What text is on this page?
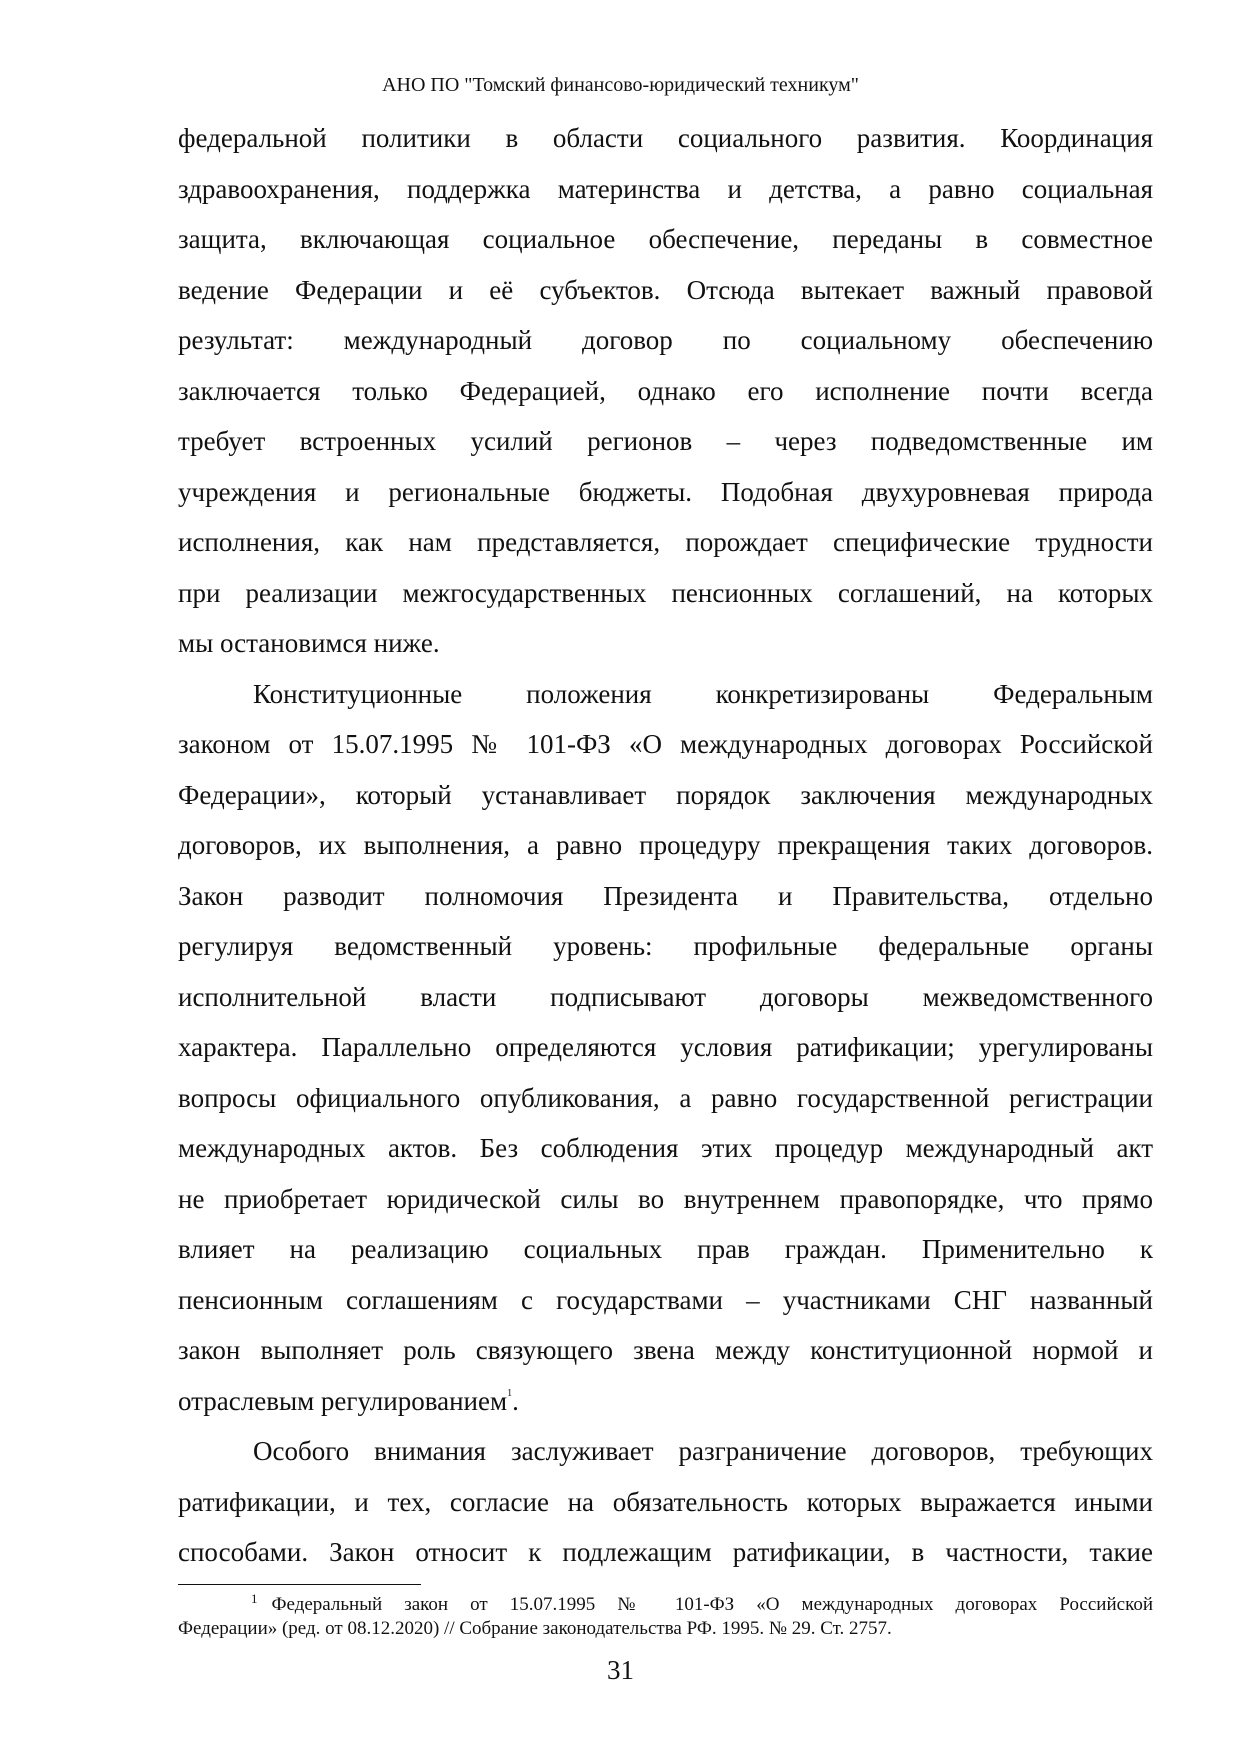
АНО ПО "Томский финансово-юридический техникум"
федеральной политики в области социального развития. Координация
здравоохранения, поддержка материнства и детства, а равно социальная
защита, включающая социальное обеспечение, переданы в совместное
ведение Федерации и её субъектов. Отсюда вытекает важный правовой
результат: международный договор по социальному обеспечению
заключается только Федерацией, однако его исполнение почти всегда
требует встроенных усилий регионов – через подведомственные им
учреждения и региональные бюджеты. Подобная двухуровневая природа
исполнения, как нам представляется, порождает специфические трудности
при реализации межгосударственных пенсионных соглашений, на которых
мы остановимся ниже.
Конституционные положения конкретизированы Федеральным
законом от 15.07.1995 № 101-ФЗ «О международных договорах Российской
Федерации», который устанавливает порядок заключения международных
договоров, их выполнения, а равно процедуру прекращения таких договоров.
Закон разводит полномочия Президента и Правительства, отдельно
регулируя ведомственный уровень: профильные федеральные органы
исполнительной власти подписывают договоры межведомственного
характера. Параллельно определяются условия ратификации; урегулированы
вопросы официального опубликования, а равно государственной регистрации
международных актов. Без соблюдения этих процедур международный акт
не приобретает юридической силы во внутреннем правопорядке, что прямо
влияет на реализацию социальных прав граждан. Применительно к
пенсионным соглашениям с государствами – участниками СНГ названный
закон выполняет роль связующего звена между конституционной нормой и
отраслевым регулированием$^1$.
Особого внимания заслуживает разграничение договоров, требующих
ратификации, и тех, согласие на обязательность которых выражается иными
способами. Закон относит к подлежащим ратификации, в частности, такие
$^1$ Федеральный закон от 15.07.1995 № 101-ФЗ «О международных договорах Российской
Федерации» (ред. от 08.12.2020) // Собрание законодательства РФ. 1995. № 29. Ст. 2757.
31
